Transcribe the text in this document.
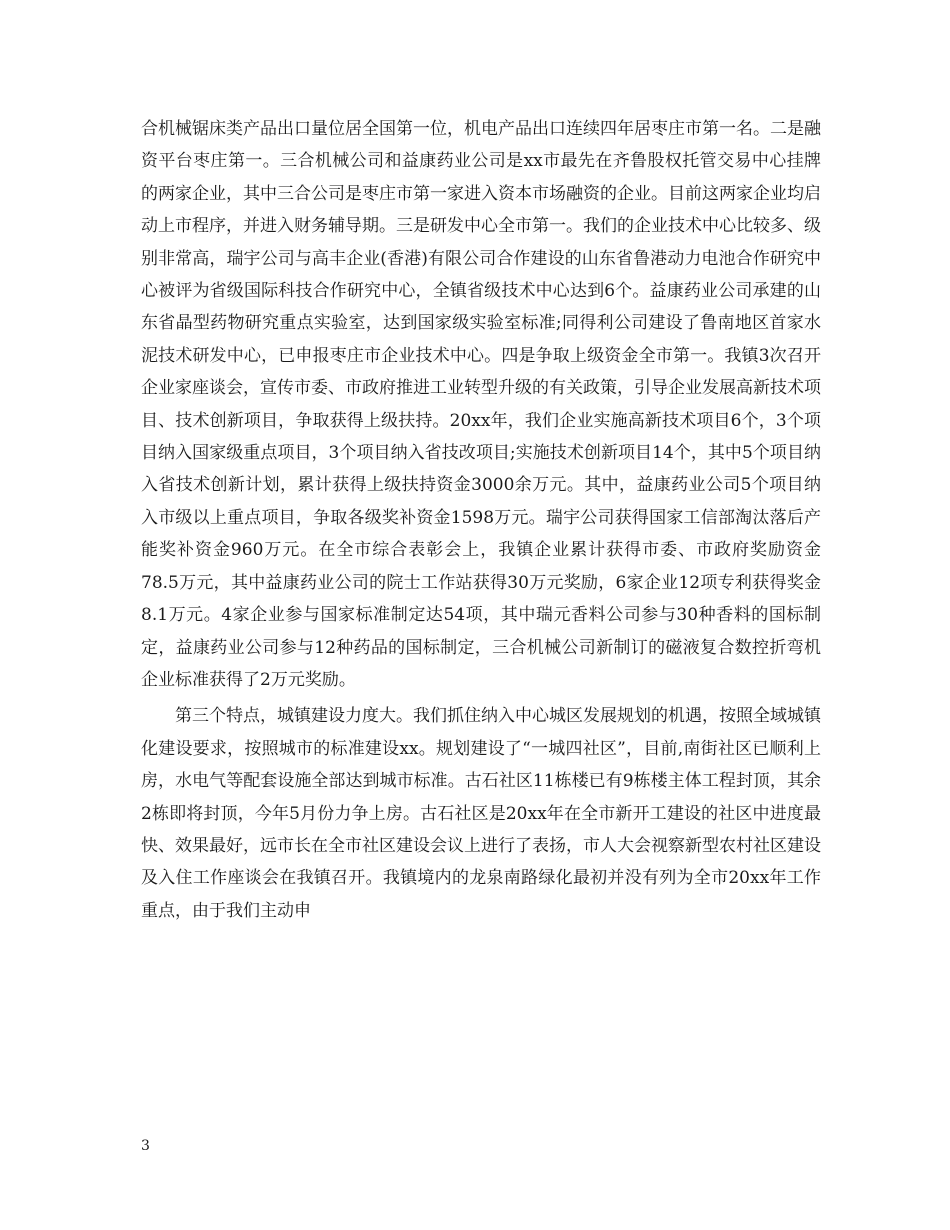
合机械锯床类产品出口量位居全国第一位，机电产品出口连续四年居枣庄市第一名。二是融资平台枣庄第一。三合机械公司和益康药业公司是xx市最先在齐鲁股权托管交易中心挂牌的两家企业，其中三合公司是枣庄市第一家进入资本市场融资的企业。目前这两家企业均启动上市程序，并进入财务辅导期。三是研发中心全市第一。我们的企业技术中心比较多、级别非常高，瑞宇公司与高丰企业(香港)有限公司合作建设的山东省鲁港动力电池合作研究中心被评为省级国际科技合作研究中心，全镇省级技术中心达到6个。益康药业公司承建的山东省晶型药物研究重点实验室，达到国家级实验室标准;同得利公司建设了鲁南地区首家水泥技术研发中心，已申报枣庄市企业技术中心。四是争取上级资金全市第一。我镇3次召开企业家座谈会，宣传市委、市政府推进工业转型升级的有关政策，引导企业发展高新技术项目、技术创新项目，争取获得上级扶持。20xx年，我们企业实施高新技术项目6个，3个项目纳入国家级重点项目，3个项目纳入省技改项目;实施技术创新项目14个，其中5个项目纳入省技术创新计划，累计获得上级扶持资金3000余万元。其中，益康药业公司5个项目纳入市级以上重点项目，争取各级奖补资金1598万元。瑞宇公司获得国家工信部淘汰落后产能奖补资金960万元。在全市综合表彰会上，我镇企业累计获得市委、市政府奖励资金78.5万元，其中益康药业公司的院士工作站获得30万元奖励，6家企业12项专利获得奖金8.1万元。4家企业参与国家标准制定达54项，其中瑞元香料公司参与30种香料的国标制定，益康药业公司参与12种药品的国标制定，三合机械公司新制订的磁液复合数控折弯机企业标准获得了2万元奖励。

第三个特点，城镇建设力度大。我们抓住纳入中心城区发展规划的机遇，按照全域城镇化建设要求，按照城市的标准建设xx。规划建设了“一城四社区”，目前,南街社区已顺利上房，水电气等配套设施全部达到城市标准。古石社区11栋楼已有9栋楼主体工程封顶，其余2栋即将封顶，今年5月份力争上房。古石社区是20xx年在全市新开工建设的社区中进度最快、效果最好，远市长在全市社区建设会议上进行了表扬，市人大会视察新型农村社区建设及入住工作座谈会在我镇召开。我镇境内的龙泉南路绿化最初并没有列为全市20xx年工作重点，由于我们主动申

3
